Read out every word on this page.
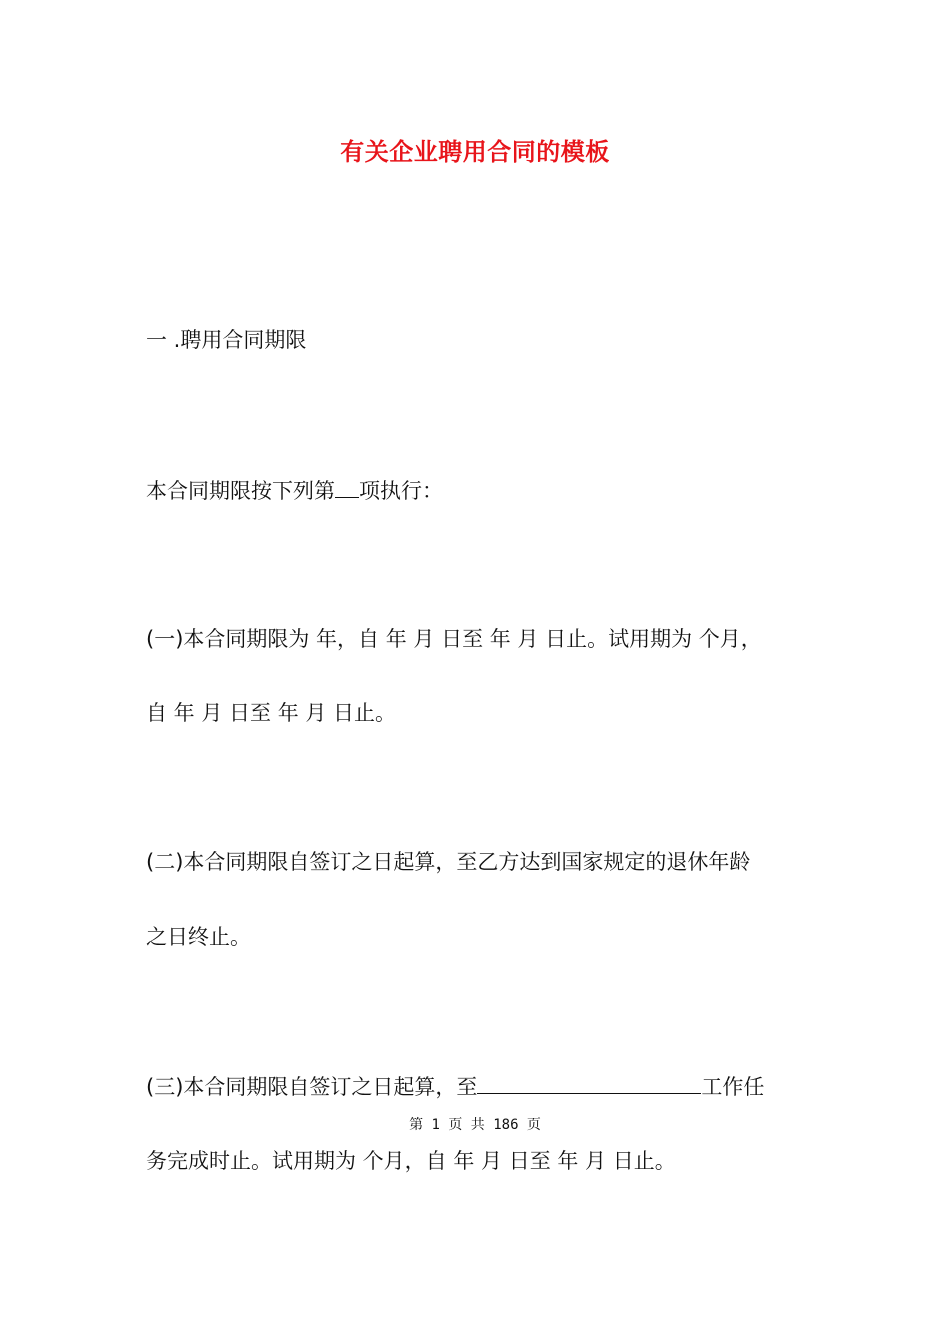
有关企业聘用合同的模板
一 .聘用合同期限
本合同期限按下列第 项执行：
(一)本合同期限为 年，自 年 月 日至 年 月 日止。试用期为 个月，
自 年 月 日至 年 月 日止。
(二)本合同期限自签订之日起算，至乙方达到国家规定的退休年龄
之日终止。
(三)本合同期限自签订之日起算，至	工作任
第 1 页 共 186 页
务完成时止。试用期为 个月，自 年 月 日至 年 月 日止。
